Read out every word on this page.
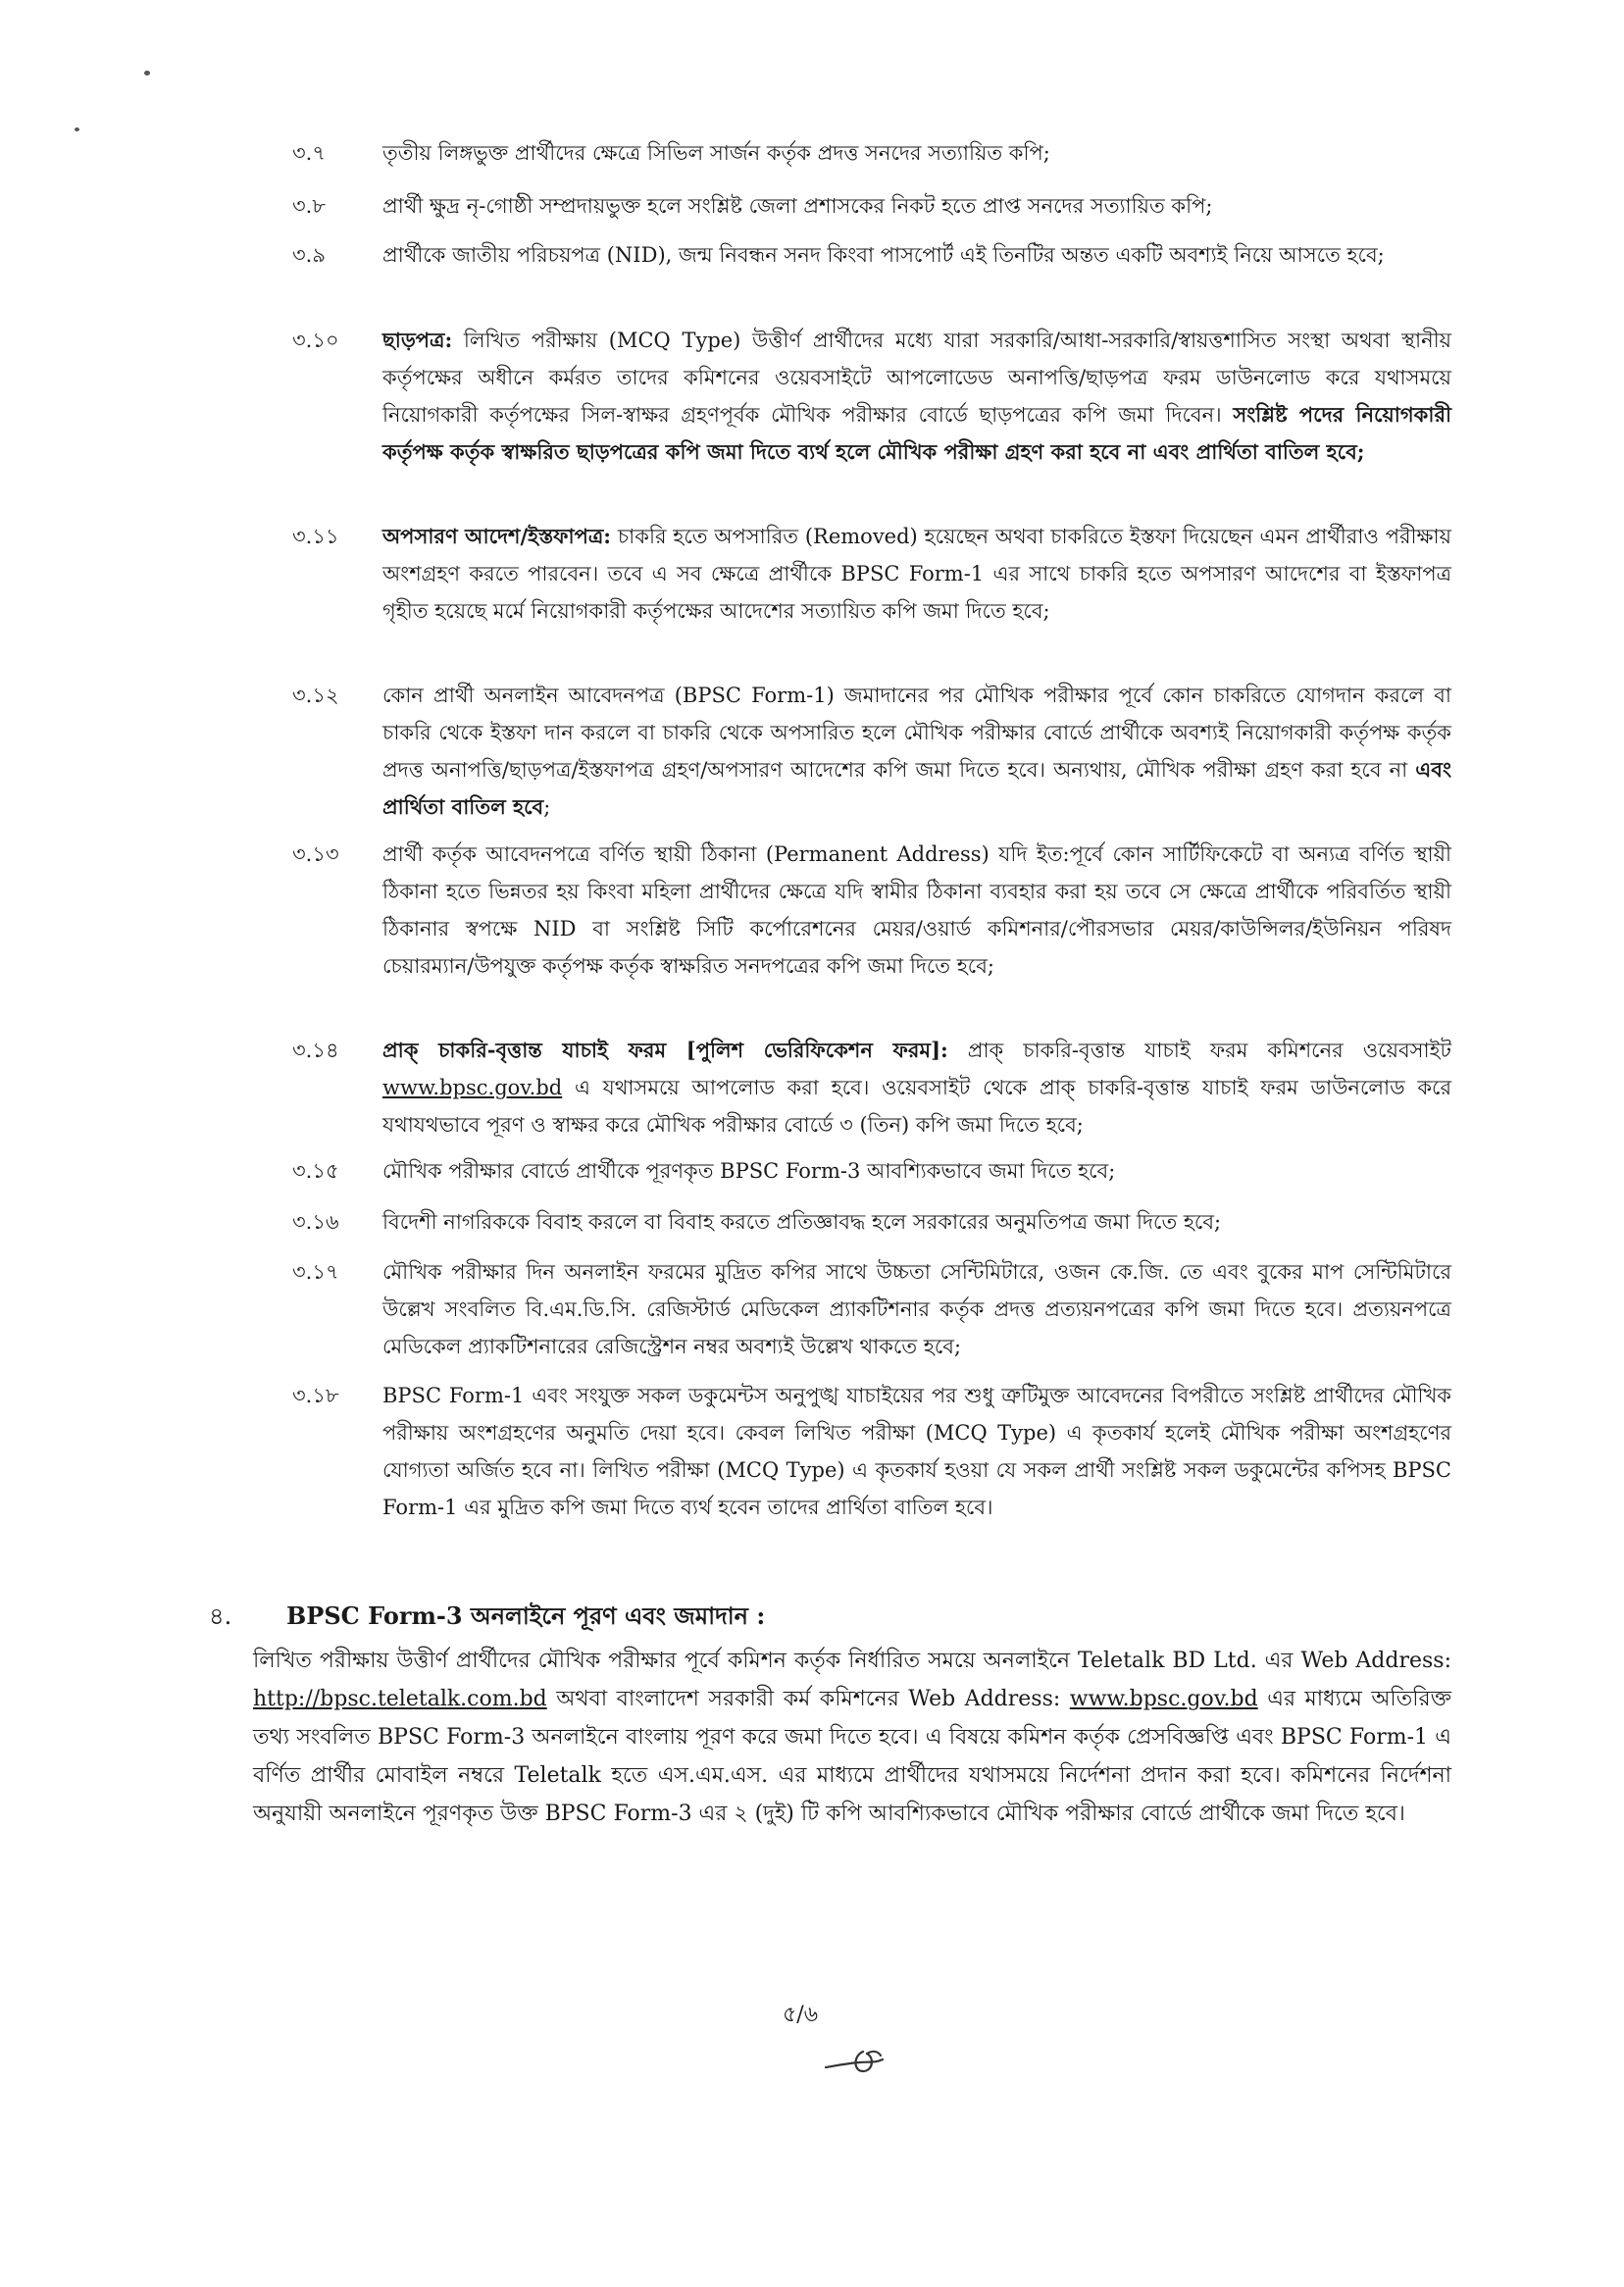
৩.৭	তৃতীয় লিঙ্গভুক্ত প্রার্থীদের ক্ষেত্রে সিভিল সার্জন কর্তৃক প্রদত্ত সনদের সত্যায়িত কপি;
৩.৮	প্রার্থী ক্ষুদ্র নৃ-গোষ্ঠী সম্প্রদায়ভুক্ত হলে সংশ্লিষ্ট জেলা প্রশাসকের নিকট হতে প্রাপ্ত সনদের সত্যায়িত কপি;
৩.৯	প্রার্থীকে জাতীয় পরিচয়পত্র (NID), জন্ম নিবন্ধন সনদ কিংবা পাসপোর্ট এই তিনটির অন্তত একটি অবশ্যই নিয়ে আসতে হবে;
৩.১০ ছাড়পত্র: লিখিত পরীক্ষায় (MCQ Type) উত্তীর্ণ প্রার্থীদের মধ্যে যারা সরকারি/আধা-সরকারি/স্বায়ত্তশাসিত সংস্থা অথবা স্থানীয় কর্তৃপক্ষের অধীনে কর্মরত তাদের কমিশনের ওয়েবসাইটে আপলোডেড অনাপত্তি/ছাড়পত্র ফরম ডাউনলোড করে যথাসময়ে নিয়োগকারী কর্তৃপক্ষের সিল-স্বাক্ষর গ্রহণপূর্বক মৌখিক পরীক্ষার বোর্ডে ছাড়পত্রের কপি জমা দিবেন। সংশ্লিষ্ট পদের নিয়োগকারী কর্তৃপক্ষ কর্তৃক স্বাক্ষরিত ছাড়পত্রের কপি জমা দিতে ব্যর্থ হলে মৌখিক পরীক্ষা গ্রহণ করা হবে না এবং প্রার্থিতা বাতিল হবে;
৩.১১ অপসারণ আদেশ/ইস্তফাপত্র: চাকরি হতে অপসারিত (Removed) হয়েছেন অথবা চাকরিতে ইস্তফা দিয়েছেন এমন প্রার্থীরাও পরীক্ষায় অংশগ্রহণ করতে পারবেন। তবে এ সব ক্ষেত্রে প্রার্থীকে BPSC Form-1 এর সাথে চাকরি হতে অপসারণ আদেশের বা ইস্তফাপত্র গৃহীত হয়েছে মর্মে নিয়োগকারী কর্তৃপক্ষের আদেশের সত্যায়িত কপি জমা দিতে হবে;
৩.১২ কোন প্রার্থী অনলাইন আবেদনপত্র (BPSC Form-1) জমাদানের পর মৌখিক পরীক্ষার পূর্বে কোন চাকরিতে যোগদান করলে বা চাকরি থেকে ইস্তফা দান করলে বা চাকরি থেকে অপসারিত হলে মৌখিক পরীক্ষার বোর্ডে প্রার্থীকে অবশ্যই নিয়োগকারী কর্তৃপক্ষ কর্তৃক প্রদত্ত অনাপত্তি/ছাড়পত্র/ইস্তফাপত্র গ্রহণ/অপসারণ আদেশের কপি জমা দিতে হবে। অন্যথায়, মৌখিক পরীক্ষা গ্রহণ করা হবে না এবং প্রার্থিতা বাতিল হবে;
৩.১৩ প্রার্থী কর্তৃক আবেদনপত্রে বর্ণিত স্থায়ী ঠিকানা (Permanent Address) যদি ইত:পূর্বে কোন সার্টিফিকেটে বা অন্যত্র বর্ণিত স্থায়ী ঠিকানা হতে ভিন্নতর হয় কিংবা মহিলা প্রার্থীদের ক্ষেত্রে যদি স্বামীর ঠিকানা ব্যবহার করা হয় তবে সে ক্ষেত্রে প্রার্থীকে পরিবর্তিত স্থায়ী ঠিকানার স্বপক্ষে NID বা সংশ্লিষ্ট সিটি কর্পোরেশনের মেয়র/ওয়ার্ড কমিশনার/পৌরসভার মেয়র/কাউন্সিলর/ইউনিয়ন পরিষদ চেয়ারম্যান/উপযুক্ত কর্তৃপক্ষ কর্তৃক স্বাক্ষরিত সনদপত্রের কপি জমা দিতে হবে;
৩.১৪ প্রাক্ চাকরি-বৃত্তান্ত যাচাই ফরম [পুলিশ ভেরিফিকেশন ফরম]: প্রাক্ চাকরি-বৃত্তান্ত যাচাই ফরম কমিশনের ওয়েবসাইট www.bpsc.gov.bd এ যথাসময়ে আপলোড করা হবে। ওয়েবসাইট থেকে প্রাক্ চাকরি-বৃত্তান্ত যাচাই ফরম ডাউনলোড করে যথাযথভাবে পূরণ ও স্বাক্ষর করে মৌখিক পরীক্ষার বোর্ডে ৩ (তিন) কপি জমা দিতে হবে;
৩.১৫ মৌখিক পরীক্ষার বোর্ডে প্রার্থীকে পূরণকৃত BPSC Form-3 আবশ্যিকভাবে জমা দিতে হবে;
৩.১৬ বিদেশী নাগরিককে বিবাহ করলে বা বিবাহ করতে প্রতিজ্ঞাবদ্ধ হলে সরকারের অনুমতিপত্র জমা দিতে হবে;
৩.১৭ মৌখিক পরীক্ষার দিন অনলাইন ফরমের মুদ্রিত কপির সাথে উচ্চতা সেন্টিমিটারে, ওজন কে.জি. তে এবং বুকের মাপ সেন্টিমিটারে উল্লেখ সংবলিত বি.এম.ডি.সি. রেজিস্টার্ড মেডিকেল প্র্যাকটিশনার কর্তৃক প্রদত্ত প্রত্যয়নপত্রের কপি জমা দিতে হবে। প্রত্যয়নপত্রে মেডিকেল প্র্যাকটিশনারের রেজিস্ট্রেশন নম্বর অবশ্যই উল্লেখ থাকতে হবে;
৩.১৮ BPSC Form-1 এবং সংযুক্ত সকল ডকুমেন্টস অনুপুঙ্খ যাচাইয়ের পর শুধু ত্রুটিমুক্ত আবেদনের বিপরীতে সংশ্লিষ্ট প্রার্থীদের মৌখিক পরীক্ষায় অংশগ্রহণের অনুমতি দেয়া হবে। কেবল লিখিত পরীক্ষা (MCQ Type) এ কৃতকার্য হলেই মৌখিক পরীক্ষা অংশগ্রহণের যোগ্যতা অর্জিত হবে না। লিখিত পরীক্ষা (MCQ Type) এ কৃতকার্য হওয়া যে সকল প্রার্থী সংশ্লিষ্ট সকল ডকুমেন্টের কপিসহ BPSC Form-1 এর মুদ্রিত কপি জমা দিতে ব্যর্থ হবেন তাদের প্রার্থিতা বাতিল হবে।
৪. BPSC Form-3 অনলাইনে পূরণ এবং জমাদান :
লিখিত পরীক্ষায় উত্তীর্ণ প্রার্থীদের মৌখিক পরীক্ষার পূর্বে কমিশন কর্তৃক নির্ধারিত সময়ে অনলাইনে Teletalk BD Ltd. এর Web Address: http://bpsc.teletalk.com.bd অথবা বাংলাদেশ সরকারী কর্ম কমিশনের Web Address: www.bpsc.gov.bd এর মাধ্যমে অতিরিক্ত তথ্য সংবলিত BPSC Form-3 অনলাইনে বাংলায় পূরণ করে জমা দিতে হবে। এ বিষয়ে কমিশন কর্তৃক প্রেসবিজ্ঞপ্তি এবং BPSC Form-1 এ বর্ণিত প্রার্থীর মোবাইল নম্বরে Teletalk হতে এস.এম.এস. এর মাধ্যমে প্রার্থীদের যথাসময়ে নির্দেশনা প্রদান করা হবে। কমিশনের নির্দেশনা অনুযায়ী অনলাইনে পূরণকৃত উক্ত BPSC Form-3 এর ২ (দুই) টি কপি আবশ্যিকভাবে মৌখিক পরীক্ষার বোর্ডে প্রার্থীকে জমা দিতে হবে।
৫/৬
